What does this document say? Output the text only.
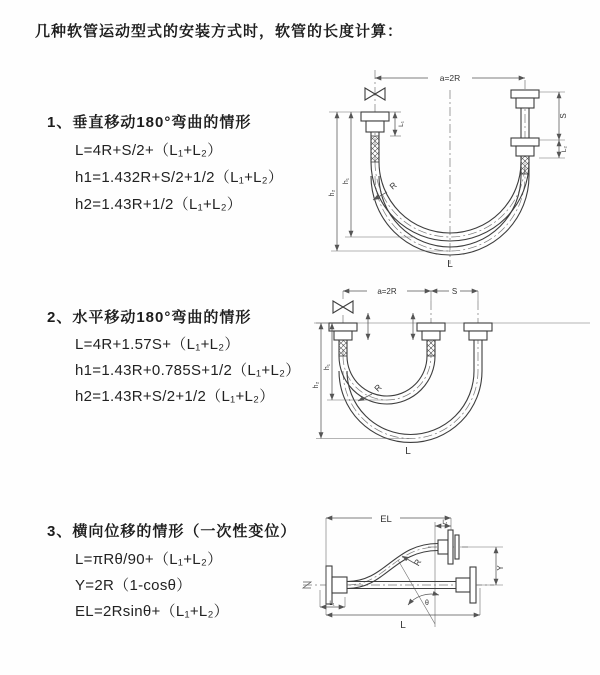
几种软管运动型式的安装方式时，软管的长度计算：
1、垂直移动180°弯曲的情形
L=4R+S/2+（L₁+L₂）
h1=1.432R+S/2+1/2（L₁+L₂）
h2=1.43R+1/2（L₁+L₂）
a=2R
h₁
h₂
L₁
S
L₂
R
L
2、水平移动180°弯曲的情形
L=4R+1.57S+（L₁+L₂）
h1=1.43R+0.785S+1/2（L₁+L₂）
h2=1.43R+S/2+1/2（L₁+L₂）
a=2R	S
h₁
h₂	R
L
3、横向位移的情形（一次性变位）
L=πRθ/90+（L₁+L₂）
Y=2R（1-cosθ）
EL=2Rsinθ+（L₁+L₂）	θ
EL	L₁
Y
L
L₁
R
